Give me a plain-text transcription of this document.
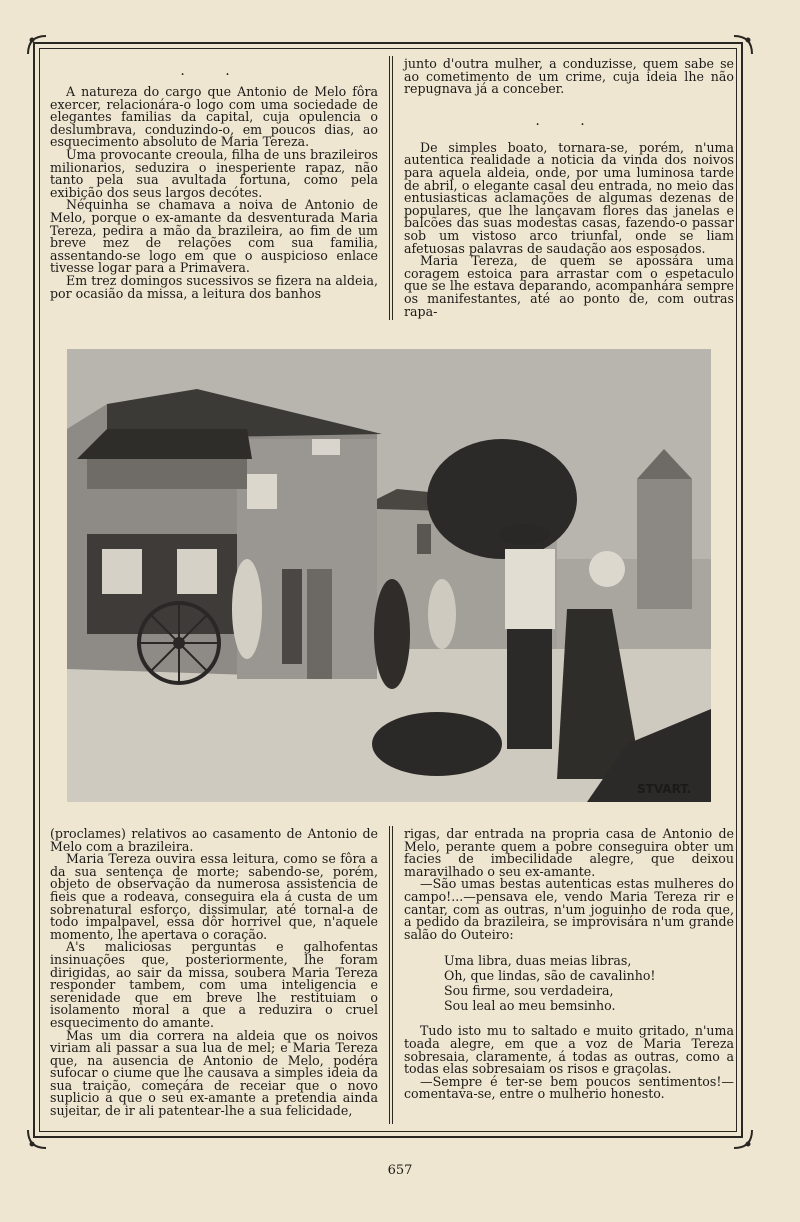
. .

A natureza do cargo que Antonio de Melo fôra exercer, relacionára-o logo com uma sociedade de elegantes familias da capital, cuja opulencia o deslumbrava, conduzindo-o, em poucos dias, ao esquecimento absoluto de Maria Tereza.

Uma provocante creoula, filha de uns brazileiros milionarios, seduzira o inesperiente rapaz, não tanto pela sua avultada fortuna, como pela exibição dos seus largos decótes.

Néquinha se chamava a noiva de Antonio de Melo, porque o ex-amante da desventurada Maria Tereza, pedira a mão da brazileira, ao fim de um breve mez de relações com sua familia, assentando-se logo em que o auspicioso enlace tivesse logar para a Primavera.

Em trez domingos sucessivos se fizera na aldeia, por ocasião da missa, a leitura dos banhos

junto d'outra mulher, a conduzisse, quem sabe se ao cometimento de um crime, cuja ideia lhe não repugnava já a conceber.

. .

De simples boato, tornara-se, porém, n'uma autentica realidade a noticia da vinda dos noivos para aquela aldeia, onde, por uma luminosa tarde de abril, o elegante casal deu entrada, no meio das entusiasticas aclamações de algumas dezenas de populares, que lhe lançavam flores das janelas e balcões das suas modestas casas, fazendo-o passar sob um vistoso arco triunfal, onde se liam afetuosas palavras de saudação aos esposados.

Maria Tereza, de quem se apossára uma coragem estoica para arrastar com o espetaculo que se lhe estava deparando, acompanhára sempre os manifestantes, até ao ponto de, com outras rapa-

STVART.

(proclames) relativos ao casamento de Antonio de Melo com a brazileira.

Maria Tereza ouvira essa leitura, como se fôra a da sua sentença de morte; sabendo-se, porém, objeto de observação da numerosa assistencia de fieis que a rodeava, conseguira ela á custa de um sobrenatural esforço, dissimular, até tornal-a de todo impalpavel, essa dôr horrivel que, n'aquele momento, lhe apertava o coração.

A's maliciosas perguntas e galhofentas insinuações que, posteriormente, lhe foram dirigidas, ao sair da missa, soubera Maria Tereza responder tambem, com uma inteligencia e serenidade que em breve lhe restituiam o isolamento moral a que a reduzira o cruel esquecimento do amante.

Mas um dia correra na aldeia que os noivos viriam ali passar a sua lua de mel; e Maria Tereza que, na ausencia de Antonio de Melo, podéra sufocar o ciume que lhe causava a simples ideia da sua traição, começára de receiar que o novo suplicio a que o seu ex-amante a pretendia ainda sujeitar, de ir ali patentear-lhe a sua felicidade,

rigas, dar entrada na propria casa de Antonio de Melo, perante quem a pobre conseguira obter um facies de imbecilidade alegre, que deixou maravilhado o seu ex-amante.

—São umas bestas autenticas estas mulheres do campo!...—pensava ele, vendo Maria Tereza rir e cantar, com as outras, n'um joguinho de roda que, a pedido da brazileira, se improvisára n'um grande salão do Outeiro:

Uma libra, duas meias libras,
Oh, que lindas, são de cavalinho!
Sou firme, sou verdadeira,
Sou leal ao meu bemsinho.

Tudo isto mu to saltado e muito gritado, n'uma toada alegre, em que a voz de Maria Tereza sobresaia, claramente, á todas as outras, como a todas elas sobresaiam os risos e graçolas.

—Sempre é ter-se bem poucos sentimentos!—comentava-se, entre o mulherio honesto.

657
